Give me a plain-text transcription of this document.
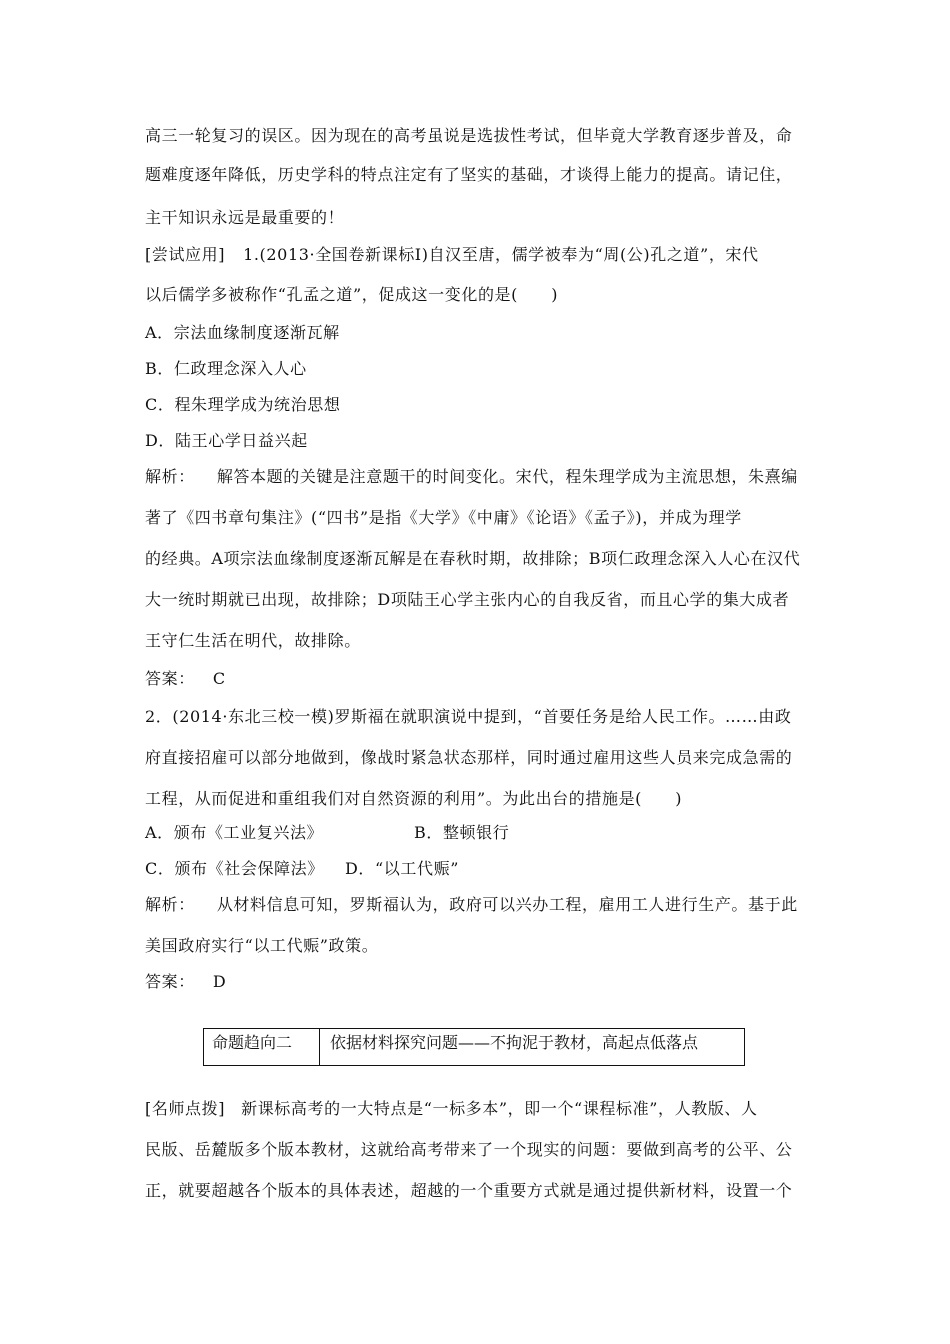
高三一轮复习的误区。因为现在的高考虽说是选拔性考试，但毕竟大学教育逐步普及，命
题难度逐年降低，历史学科的特点注定有了坚实的基础，才谈得上能力的提高。请记住，
主干知识永远是最重要的！
[尝试应用] 1.(2013·全国卷新课标Ⅰ)自汉至唐，儒学被奉为“周(公)孔之道”，宋代
以后儒学多被称作“孔孟之道”，促成这一变化的是(　　)
A．宗法血缘制度逐渐瓦解
B．仁政理念深入人心
C．程朱理学成为统治思想
D．陆王心学日益兴起
解析： 解答本题的关键是注意题干的时间变化。宋代，程朱理学成为主流思想，朱熹编
著了《四书章句集注》(“四书”是指《大学》《中庸》《论语》《孟子》)，并成为理学
的经典。A项宗法血缘制度逐渐瓦解是在春秋时期，故排除；B项仁政理念深入人心在汉代
大一统时期就已出现，故排除；D项陆王心学主张内心的自我反省，而且心学的集大成者
王守仁生活在明代，故排除。
答案： C
2．(2014·东北三校一模)罗斯福在就职演说中提到，“首要任务是给人民工作。……由政
府直接招雇可以部分地做到，像战时紧急状态那样，同时通过雇用这些人员来完成急需的
工程，从而促进和重组我们对自然资源的利用”。为此出台的措施是(　　)
A．颁布《工业复兴法》	B．整顿银行
C．颁布《社会保障法》 D．“以工代赈”
解析： 从材料信息可知，罗斯福认为，政府可以兴办工程，雇用工人进行生产。基于此
美国政府实行“以工代赈”政策。
答案： D
命题趋向二	依据材料探究问题——不拘泥于教材，高起点低落点
[名师点拨] 新课标高考的一大特点是“一标多本”，即一个“课程标准”，人教版、人
民版、岳麓版多个版本教材，这就给高考带来了一个现实的问题：要做到高考的公平、公
正，就要超越各个版本的具体表述，超越的一个重要方式就是通过提供新材料，设置一个
